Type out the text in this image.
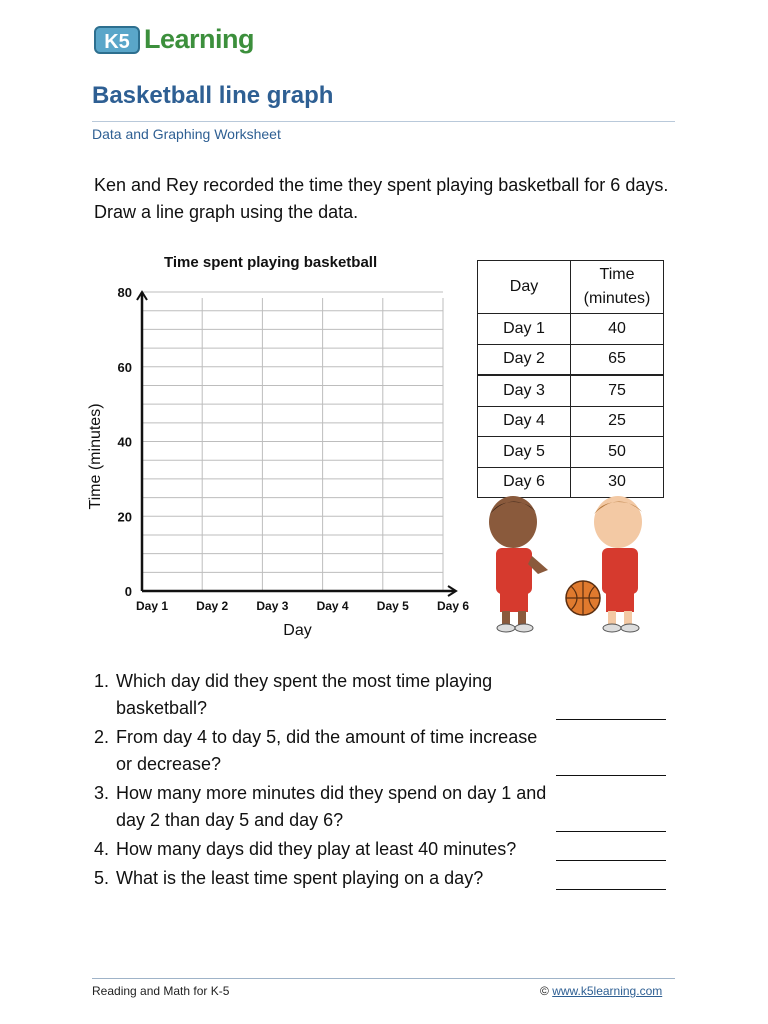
K5 Learning
Basketball line graph
Data and Graphing Worksheet
Ken and Rey recorded the time they spent playing basketball for 6 days. Draw a line graph using the data.
Time spent playing basketball
0
20
40
60
80
Day 1 Day 2 Day 3 Day 4 Day 5 Day 6
Day
Time (minutes)
Day	Time (minutes)
Day 1	40
Day 2	65
Day 3	75
Day 4	25
Day 5	50
Day 6	30
1. Which day did they spent the most time playing basketball?
2. From day 4 to day 5, did the amount of time increase or decrease?
3. How many more minutes did they spend on day 1 and day 2 than day 5 and day 6?
4. How many days did they play at least 40 minutes?
5. What is the least time spent playing on a day?
Reading and Math for K-5	© www.k5learning.com
